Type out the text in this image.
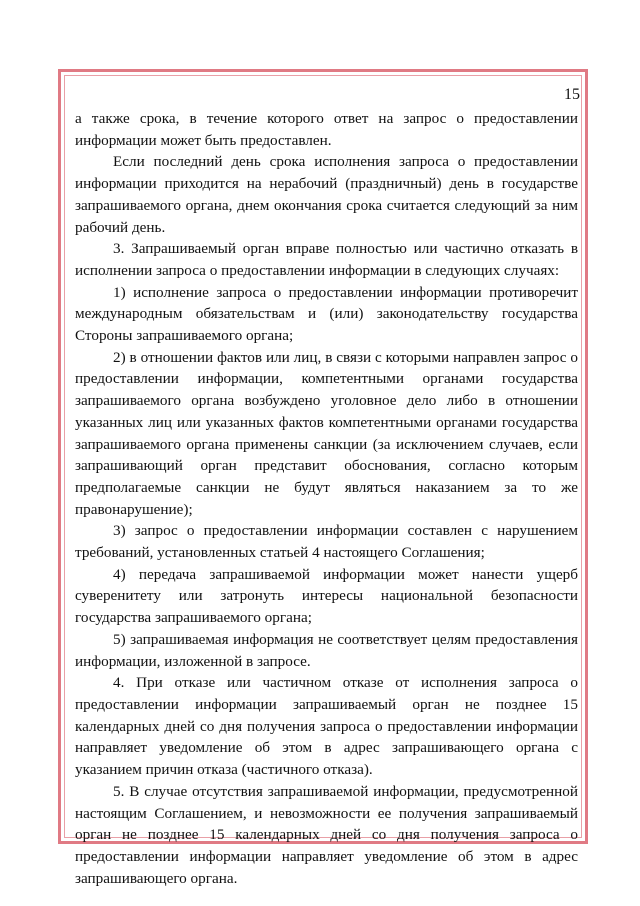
15

а также срока, в течение которого ответ на запрос о предоставлении информации может быть предоставлен.

Если последний день срока исполнения запроса о предоставлении информации приходится на нерабочий (праздничный) день в государстве запрашиваемого органа, днем окончания срока считается следующий за ним рабочий день.

3. Запрашиваемый орган вправе полностью или частично отказать в исполнении запроса о предоставлении информации в следующих случаях:

1) исполнение запроса о предоставлении информации противоречит международным обязательствам и (или) законодательству государства Стороны запрашиваемого органа;

2) в отношении фактов или лиц, в связи с которыми направлен запрос о предоставлении информации, компетентными органами государства запрашиваемого органа возбуждено уголовное дело либо в отношении указанных лиц или указанных фактов компетентными органами государства запрашиваемого органа применены санкции (за исключением случаев, если запрашивающий орган представит обоснования, согласно которым предполагаемые санкции не будут являться наказанием за то же правонарушение);

3) запрос о предоставлении информации составлен с нарушением требований, установленных статьей 4 настоящего Соглашения;

4) передача запрашиваемой информации может нанести ущерб суверенитету или затронуть интересы национальной безопасности государства запрашиваемого органа;

5) запрашиваемая информация не соответствует целям предоставления информации, изложенной в запросе.

4. При отказе или частичном отказе от исполнения запроса о предоставлении информации запрашиваемый орган не позднее 15 календарных дней со дня получения запроса о предоставлении информации направляет уведомление об этом в адрес запрашивающего органа с указанием причин отказа (частичного отказа).

5. В случае отсутствия запрашиваемой информации, предусмотренной настоящим Соглашением, и невозможности ее получения запрашиваемый орган не позднее 15 календарных дней со дня получения запроса о предоставлении информации направляет уведомление об этом в адрес запрашивающего органа.
